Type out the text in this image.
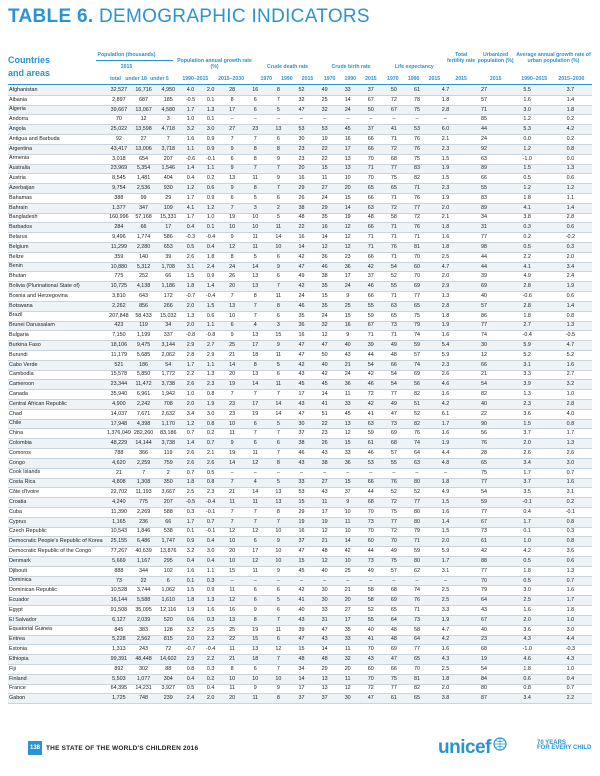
TABLE 6. DEMOGRAPHIC INDICATORS
Countries
and areas
Population (thousands)
2015
total under 18 under 5
Population annual growth rate (%)
1990–2015	2015–2030
Crude death rate
1970	1990	2015
Crude birth rate
1970	1990	2015
Life expectancy
1970	1990	2015
Total fertility rate
2015
Urbanized population (%)
2015
Average annual growth rate of urban population (%)
1990–2015	2015–2030
Afghanistan	32,527	16,716	4,950	4.0	2.0	28	16	8	52	49	33	37	50	61	4.7	27	5.5	3.7
Albania	2,897	687	185	-0.5	0.1	8	6	7	32	25	14	67	72	78	1.8	57	1.6	1.4
Algeria	39,667	13,067	4,580	1.7	1.3	17	6	5	47	32	24	50	67	75	2.8	71	3.0	1.8
Andorra	70	12	3	1.0	0.1	–	–	–	–	–	–	–	–	–	–	85	1.2	0.2
Angola	25,022	13,598	4,718	3.2	3.0	27	23	13	53	53	45	37	41	53	6.0	44	5.3	4.2
Antigua and Barbuda	92	27	7	1.6	0.9	7	7	6	30	19	16	66	71	76	2.1	24	0.0	0.2
Argentina	43,417	13,006	3,718	1.1	0.9	9	8	8	23	22	17	66	72	76	2.3	92	1.2	0.8
Armenia	3,018	654	207	-0.6	-0.1	6	8	9	23	22	13	70	68	75	1.5	63	-1.0	0.0
Australia	23,969	5,354	1,546	1.4	1.1	9	7	7	20	15	13	71	77	83	1.9	89	1.5	1.3
Austria	8,545	1,481	404	0.4	0.2	13	11	9	16	11	10	70	75	82	1.5	66	0.5	0.6
Azerbaijan	9,754	2,536	930	1.2	0.6	9	8	7	29	27	20	65	65	71	2.3	55	1.2	1.2
Bahamas	388	99	29	1.7	0.9	6	5	6	26	24	15	66	71	76	1.9	83	1.8	1.1
Bahrain	1,377	347	109	4.1	1.2	7	3	2	38	29	14	63	72	77	2.0	89	4.1	1.4
Bangladesh	160,996	57,168	15,331	1.7	1.0	19	10	5	48	35	19	48	58	72	2.1	34	3.8	2.8
Barbados	284	66	17	0.4	0.1	10	10	11	22	16	12	66	71	76	1.8	31	0.3	0.6
Belarus	9,496	1,774	586	-0.3	-0.4	9	11	14	16	14	12	71	71	71	1.6	77	0.2	-0.2
Belgium	11,299	2,280	653	0.5	0.4	12	11	10	14	12	12	71	76	81	1.8	98	0.5	0.3
Belize	359	140	39	2.6	1.8	8	5	6	42	36	23	66	71	70	2.5	44	2.2	2.0
Benin	10,880	5,312	1,708	3.1	2.4	24	14	9	47	46	36	42	54	60	4.7	44	4.1	3.4
Bhutan	775	252	66	1.5	0.9	26	13	6	49	38	17	37	52	70	2.0	39	4.9	2.4
Bolivia (Plurinational State of)	10,725	4,138	1,186	1.8	1.4	20	13	7	42	35	24	46	55	69	2.9	69	2.8	1.9
Bosnia and Herzegovina	3,810	643	172	-0.7	-0.4	7	8	11	24	15	9	66	71	77	1.3	40	-0.6	0.6
Botswana	2,262	856	266	2.0	1.5	13	7	8	46	35	25	55	63	65	2.8	57	2.8	1.4
Brazil	207,848	58,433	15,032	1.3	0.6	10	7	6	35	24	15	59	65	75	1.8	86	1.8	0.8
Brunei Darussalam	423	119	34	2.0	1.1	6	4	3	36	32	16	67	73	79	1.9	77	2.7	1.3
Bulgaria	7,150	1,199	337	-0.8	-0.8	9	13	15	16	12	9	71	71	74	1.6	74	-0.4	-0.5
Burkina Faso	18,106	9,475	3,144	2.9	2.7	25	17	9	47	47	40	39	49	59	5.4	30	5.9	4.7
Burundi	11,179	5,685	2,062	2.8	2.9	21	18	11	47	50	43	44	48	57	5.9	12	5.2	5.2
Cabo Verde	521	186	54	1.7	1.1	14	8	5	42	40	21	54	66	74	2.3	66	3.1	1.6
Cambodia	15,578	5,850	1,772	2.2	1.3	20	13	6	43	42	24	42	54	69	2.6	21	3.3	2.7
Cameroon	23,344	11,472	3,738	2.6	2.3	19	14	11	45	45	36	46	54	56	4.6	54	3.9	3.2
Canada	35,940	6,961	1,942	1.0	0.8	7	7	7	17	14	11	72	77	82	1.6	82	1.3	1.0
Central African Republic	4,900	2,242	708	2.0	1.9	23	17	14	43	41	33	42	49	51	4.2	40	2.3	2.8
Chad	14,037	7,671	2,632	3.4	3.0	23	19	14	47	51	45	41	47	52	6.1	22	3.6	4.0
Chile	17,948	4,398	1,170	1.2	0.8	10	6	5	30	22	13	63	73	82	1.7	90	1.5	0.8
China	1,376,049	282,260	83,186	0.7	0.2	11	7	7	37	23	12	59	69	76	1.6	56	3.7	1.7
Colombia	48,229	14,144	3,738	1.4	0.7	9	6	6	38	26	15	61	68	74	1.9	76	2.0	1.3
Comoros	788	366	119	2.6	2.1	19	11	7	46	43	33	46	57	64	4.4	28	2.6	2.6
Congo	4,620	2,259	759	2.6	2.6	14	12	8	43	38	36	53	55	63	4.8	65	3.4	3.0
Cook Islands	21	7	2	0.7	0.5	–	–	–	–	–	–	–	–	–	–	75	1.7	0.7
Costa Rica	4,808	1,308	350	1.8	0.8	7	4	5	33	27	15	66	76	80	1.8	77	3.7	1.6
Côte d'Ivoire	22,702	11,193	3,667	2.5	2.3	21	14	13	53	43	37	44	52	52	4.9	54	3.5	3.1
Croatia	4,240	775	207	-0.5	-0.4	11	11	13	15	11	9	68	72	77	1.5	59	-0.1	0.2
Cuba	11,390	2,269	588	0.3	-0.1	7	7	8	29	17	10	70	75	80	1.6	77	0.4	-0.1
Cyprus	1,165	236	66	1.7	0.7	7	7	7	19	19	11	73	77	80	1.4	67	1.7	0.8
Czech Republic	10,543	1,846	538	0.1	-0.1	12	12	10	16	12	10	70	72	79	1.5	73	0.1	0.3
Democratic People's Republic of Korea	25,155	6,486	1,747	0.9	0.4	10	6	9	37	21	14	60	70	71	2.0	61	1.0	0.8
Democratic Republic of the Congo	77,267	40,639	13,876	3.2	3.0	20	17	10	47	48	42	44	49	59	5.9	42	4.2	3.6
Denmark	5,669	1,167	295	0.4	0.4	10	12	10	15	12	10	73	75	80	1.7	88	0.5	0.6
Djibouti	888	344	102	1.6	1.1	15	11	9	45	40	25	49	57	62	3.1	77	1.8	1.3
Dominica	73	22	6	0.1	0.3	–	–	–	–	–	–	–	–	–	–	70	0.5	0.7
Dominican Republic	10,528	3,744	1,062	1.5	0.9	11	6	6	42	30	21	58	68	74	2.5	79	3.0	1.6
Ecuador	16,144	5,588	1,610	1.8	1.3	12	6	5	41	30	20	58	69	76	2.5	64	2.5	1.7
Egypt	91,508	35,095	12,116	1.9	1.6	16	9	6	40	33	27	52	65	71	3.3	43	1.6	1.8
El Salvador	6,127	2,039	520	0.6	0.3	13	8	7	43	31	17	55	64	73	1.9	67	2.0	1.0
Equatorial Guinea	845	383	128	3.2	2.5	25	19	11	39	47	35	40	48	58	4.7	40	3.6	3.0
Eritrea	5,228	2,562	815	2.0	2.2	22	15	6	47	43	33	41	48	64	4.2	23	4.3	4.4
Estonia	1,313	243	72	-0.7	-0.4	11	13	12	15	14	11	70	69	77	1.6	68	-1.0	-0.3
Ethiopia	99,391	48,448	14,602	2.9	2.2	21	18	7	48	48	32	43	47	65	4.3	19	4.6	4.3
Fiji	892	302	88	0.8	0.3	8	6	7	34	29	20	60	66	70	2.5	54	1.8	1.0
Finland	5,503	1,077	304	0.4	0.2	10	10	10	14	13	11	70	75	81	1.8	84	0.6	0.4
France	64,395	14,231	3,927	0.5	0.4	11	9	9	17	13	12	72	77	82	2.0	80	0.8	0.7
Gabon	1,725	748	239	2.4	2.0	20	11	8	37	37	30	47	61	65	3.8	87	3.4	2.2
138 THE STATE OF THE WORLD'S CHILDREN 2016	unicef	70 YEARS
FOR EVERY CHILD
